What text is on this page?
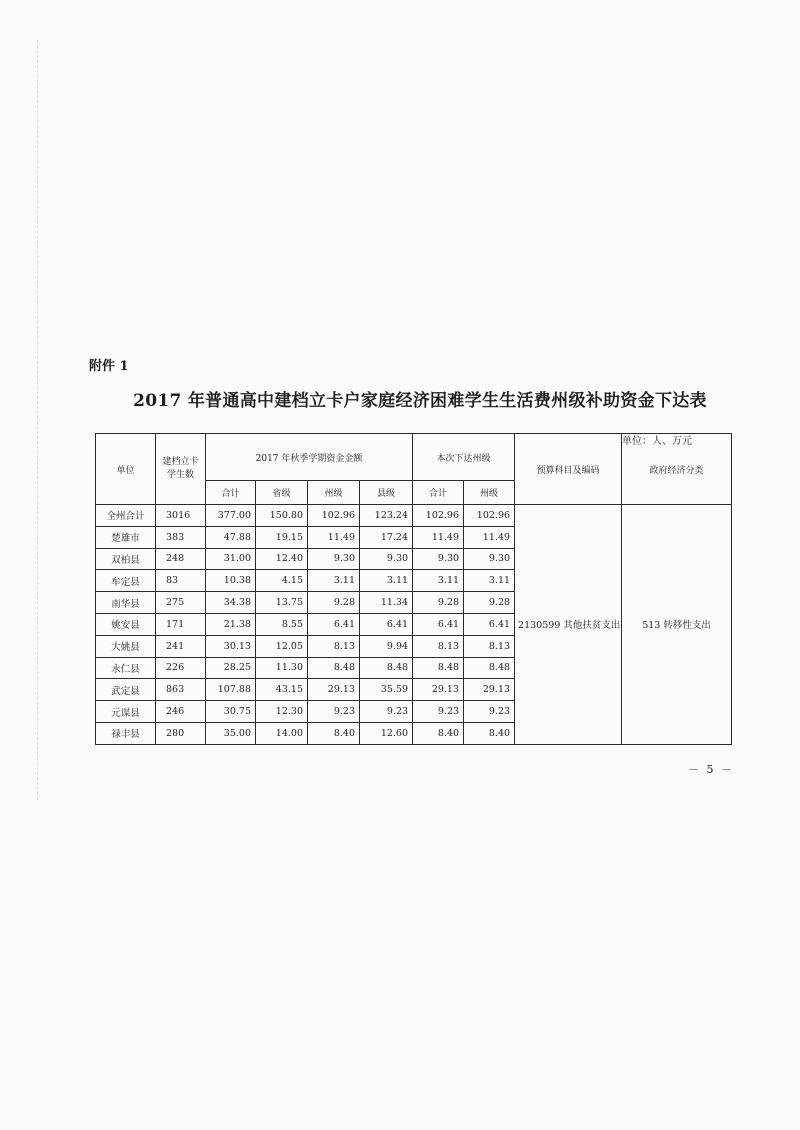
附件 1
2017 年普通高中建档立卡户家庭经济困难学生生活费州级补助资金下达表
单位：人、万元
单位	建档立卡学生数	2017 年秋季学期资金金额				本次下达州级		预算科目及编码	政府经济分类
		合计	省级	州级	县级	合计	州级		
全州合计	3016	377.00	150.80	102.96	123.24	102.96	102.96	2130599 其他扶贫支出	513 转移性支出
楚雄市	383	47.88	19.15	11.49	17.24	11.49	11.49		
双柏县	248	31.00	12.40	9.30	9.30	9.30	9.30		
牟定县	83	10.38	4.15	3.11	3.11	3.11	3.11		
南华县	275	34.38	13.75	9.28	11.34	9.28	9.28		
姚安县	171	21.38	8.55	6.41	6.41	6.41	6.41		
大姚县	241	30.13	12.05	8.13	9.94	8.13	8.13		
永仁县	226	28.25	11.30	8.48	8.48	8.48	8.48		
武定县	863	107.88	43.15	29.13	35.59	29.13	29.13		
元谋县	246	30.75	12.30	9.23	9.23	9.23	9.23		
禄丰县	280	35.00	14.00	8.40	12.60	8.40	8.40		
－ 5 －
